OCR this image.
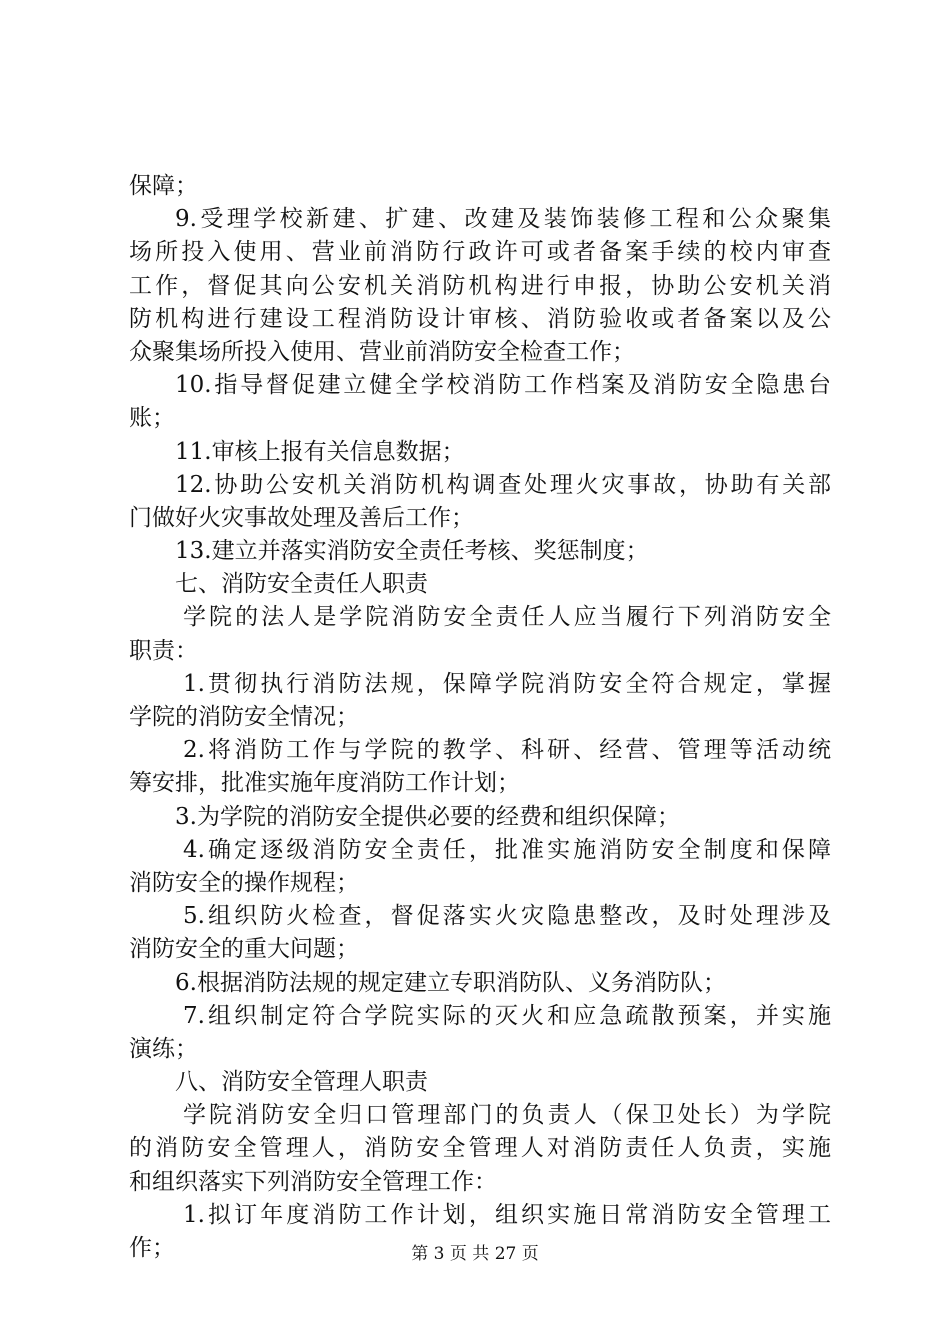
保障；
9.受理学校新建、扩建、改建及装饰装修工程和公众聚集
场所投入使用、营业前消防行政许可或者备案手续的校内审查
工作，督促其向公安机关消防机构进行申报，协助公安机关消
防机构进行建设工程消防设计审核、消防验收或者备案以及公
众聚集场所投入使用、营业前消防安全检查工作；
10.指导督促建立健全学校消防工作档案及消防安全隐患台
账；
11.审核上报有关信息数据；
12.协助公安机关消防机构调查处理火灾事故，协助有关部
门做好火灾事故处理及善后工作；
13.建立并落实消防安全责任考核、奖惩制度；
七、消防安全责任人职责
学院的法人是学院消防安全责任人应当履行下列消防安全
职责：
1.贯彻执行消防法规，保障学院消防安全符合规定，掌握
学院的消防安全情况；
2.将消防工作与学院的教学、科研、经营、管理等活动统
筹安排，批准实施年度消防工作计划；
3.为学院的消防安全提供必要的经费和组织保障；
4.确定逐级消防安全责任，批准实施消防安全制度和保障
消防安全的操作规程；
5.组织防火检查，督促落实火灾隐患整改，及时处理涉及
消防安全的重大问题；
6.根据消防法规的规定建立专职消防队、义务消防队；
7.组织制定符合学院实际的灭火和应急疏散预案，并实施
演练；
八、消防安全管理人职责
学院消防安全归口管理部门的负责人（保卫处长）为学院
的消防安全管理人，消防安全管理人对消防责任人负责，实施
和组织落实下列消防安全管理工作：
1.拟订年度消防工作计划，组织实施日常消防安全管理工
作；	第 3 页 共 27 页
